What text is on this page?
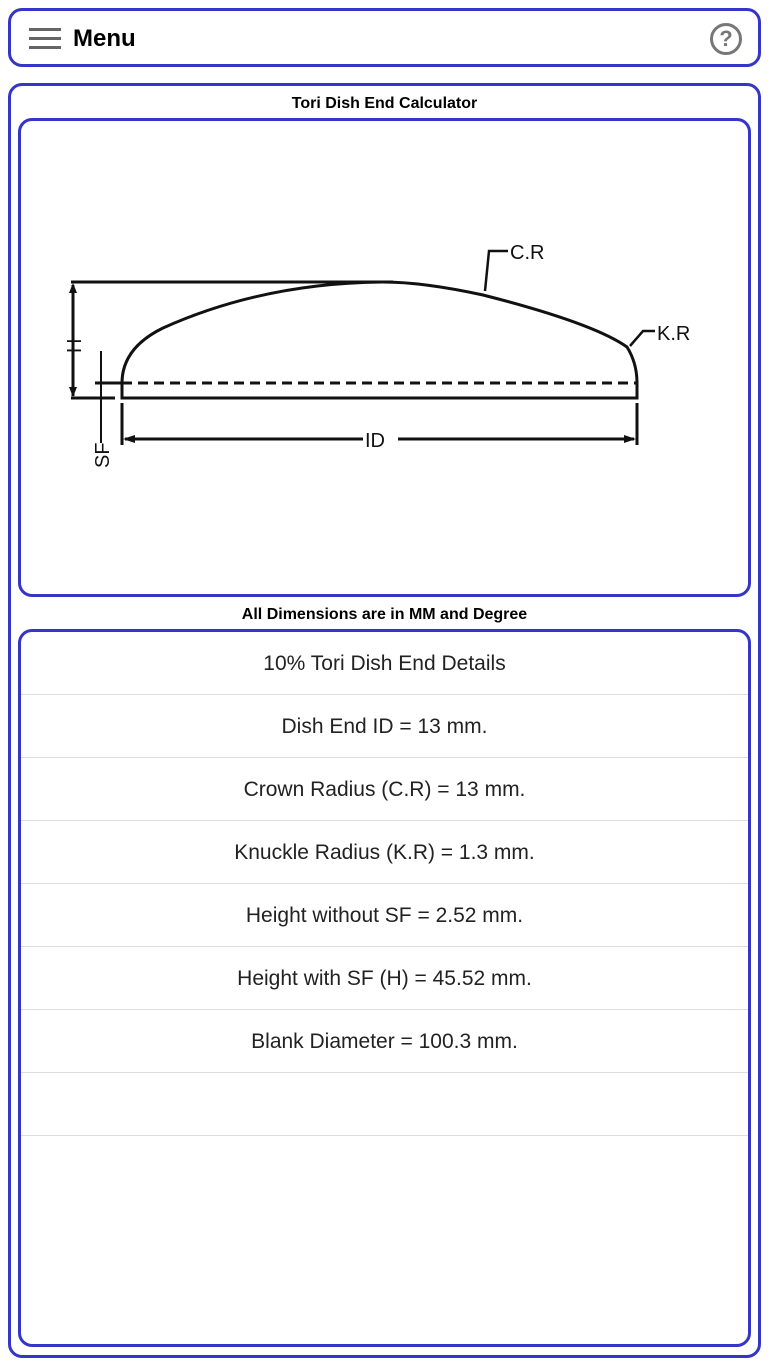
Menu	?
Tori Dish End Calculator
C.R
K.R
ID
H
SF
All Dimensions are in MM and Degree
10% Tori Dish End Details
Dish End ID = 13 mm.
Crown Radius (C.R) = 13 mm.
Knuckle Radius (K.R) = 1.3 mm.
Height without SF = 2.52 mm.
Height with SF (H) = 45.52 mm.
Blank Diameter = 100.3 mm.
